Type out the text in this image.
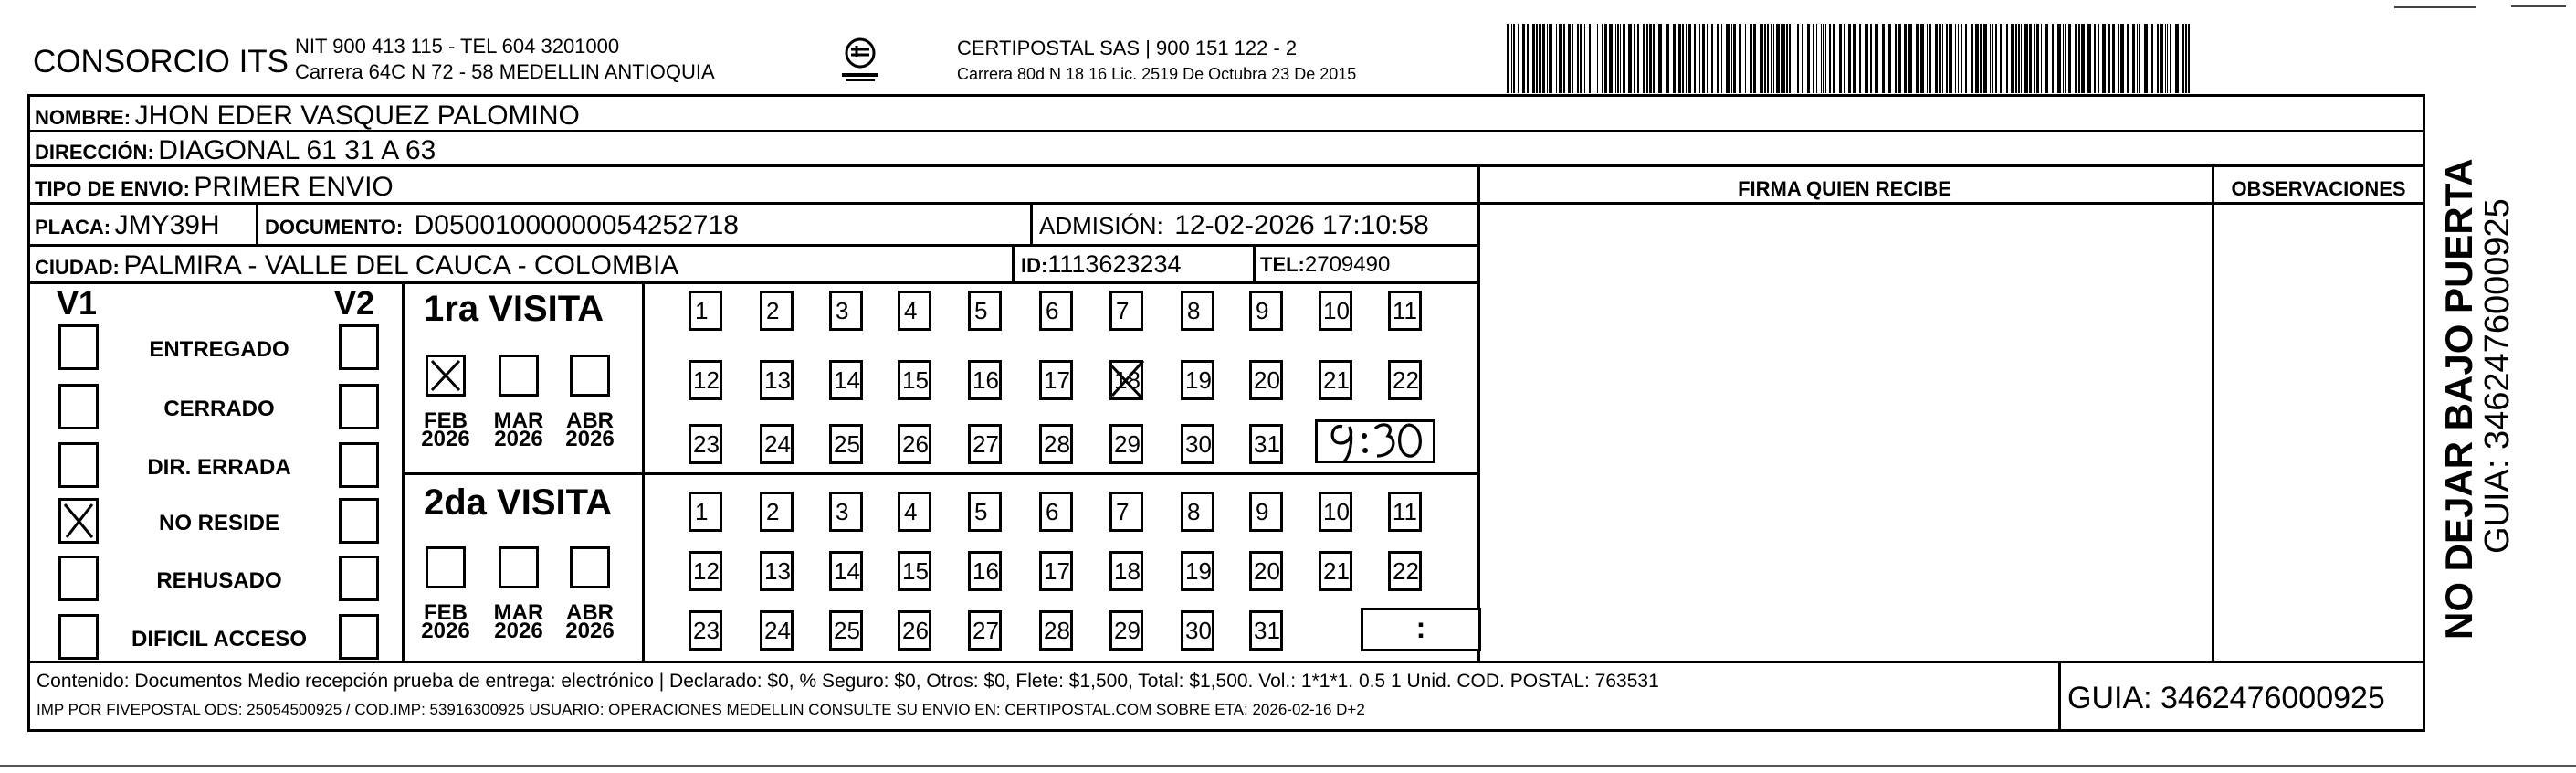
CONSORCIO ITS NIT 900 413 115 - TEL 604 3201000
Carrera 64C N 72 - 58 MEDELLIN ANTIOQUIA
CERTIPOSTAL SAS | 900 151 122 - 2
Carrera 80d N 18 16 Lic. 2519 De Octubra 23 De 2015
NOMBRE: JHON EDER VASQUEZ PALOMINO
DIRECCIÓN: DIAGONAL 61 31 A 63
TIPO DE ENVIO: PRIMER ENVIO
PLACA: JMY39H DOCUMENTO: D05001000000054252718	ADMISIÓN: 12-02-2026 17:10:58
CIUDAD: PALMIRA - VALLE DEL CAUCA - COLOMBIA	ID:1113623234	TEL:2709490
FIRMA QUIEN RECIBE	OBSERVACIONES
V1	V2
ENTREGADO
CERRADO
DIR. ERRADA
NO RESIDE
REHUSADO
DIFICIL ACCESO
1ra VISITA
2da VISITA
FEB
2026
MAR
2026
ABR
2026
FEB
2026
MAR
2026
ABR
2026
1 2 3 4 5 6 7 8 9 10 11
12 13 14 15 16 17 18 19 20 21 22
23 24 25 26 27 28 29 30 31
1 2 3 4 5 6 7 8 9 10 11
12 13 14 15 16 17 18 19 20 21 22
23 24 25 26 27 28 29 30 31	:
Contenido: Documentos Medio recepción prueba de entrega: electrónico | Declarado: $0, % Seguro: $0, Otros: $0, Flete: $1,500, Total: $1,500. Vol.: 1*1*1. 0.5 1 Unid. COD. POSTAL: 763531
IMP POR FIVEPOSTAL ODS: 25054500925 / COD.IMP: 53916300925 USUARIO: OPERACIONES MEDELLIN CONSULTE SU ENVIO EN: CERTIPOSTAL.COM SOBRE ETA: 2026-02-16 D+2	GUIA: 3462476000925
NO DEJAR BAJO PUERTA
GUIA: 3462476000925
